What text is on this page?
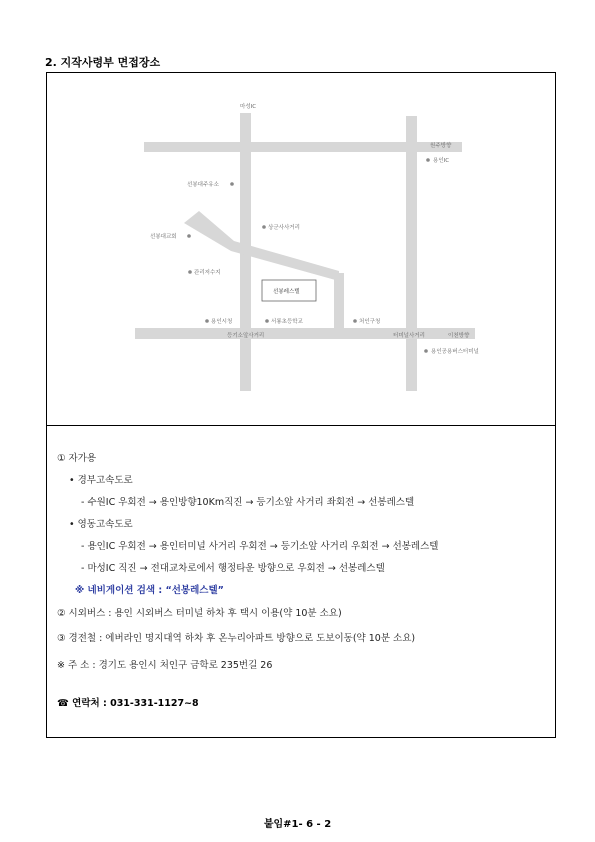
2. 지작사령부 면접장소
마성IC
원주방향
용인IC
선봉대주유소
상군사사거리
선봉대교회
관리저수지
선봉레스텔
용인시청	서룡초등학교	처인구청
등기소앞사거리	터미널사거리	이천방향
용인공용버스터미널
① 자가용
• 경부고속도로
- 수원IC 우회전 → 용인방향10Km직진 → 등기소앞 사거리 좌회전 → 선봉레스텔
• 영동고속도로
- 용인IC 우회전 → 용인터미널 사거리 우회전 → 등기소앞 사거리 우회전 → 선봉레스텔
- 마성IC 직진 → 전대교차로에서 행정타운 방향으로 우회전 → 선봉레스텔
※ 네비게이션 검색 : “선봉레스텔”
② 시외버스 : 용인 시외버스 터미널 하차 후 택시 이용(약 10분 소요)
③ 경전철 : 에버라인 명지대역 하차 후 온누리아파트 방향으로 도보이동(약 10분 소요)
※ 주 소 : 경기도 용인시 처인구 금학로 235번길 26
☎ 연락처 : 031-331-1127~8
붙임#1- 6 - 2
